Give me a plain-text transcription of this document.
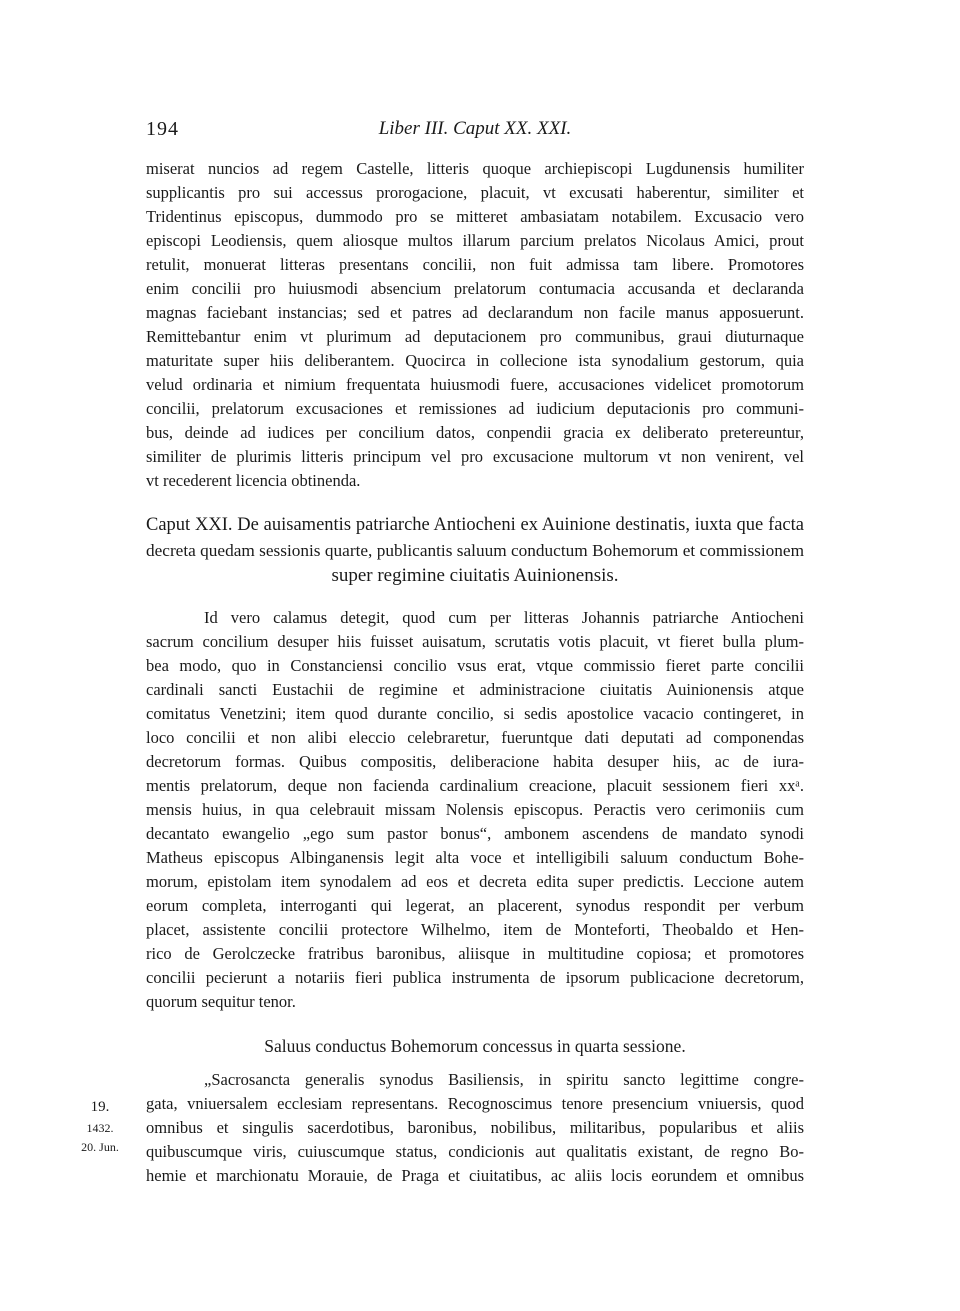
194	Liber III. Caput XX. XXI.
miserat nuncios ad regem Castelle, litteris quoque archiepiscopi Lugdunensis humiliter
supplicantis pro sui accessus prorogacione, placuit, vt excusati haberentur, similiter et
Tridentinus episcopus, dummodo pro se mitteret ambasiatam notabilem. Excusacio vero
episcopi Leodiensis, quem aliosque multos illarum parcium prelatos Nicolaus Amici, prout
retulit, monuerat litteras presentans concilii, non fuit admissa tam libere. Promotores
enim concilii pro huiusmodi absencium prelatorum contumacia accusanda et declaranda
magnas faciebant instancias; sed et patres ad declarandum non facile manus apposuerunt.
Remittebantur enim vt plurimum ad deputacionem pro communibus, graui diuturnaque
maturitate super hiis deliberantem. Quocirca in collecione ista synodalium gestorum, quia
velud ordinaria et nimium frequentata huiusmodi fuere, accusaciones videlicet promotorum
concilii, prelatorum excusaciones et remissiones ad iudicium deputacionis pro communi-
bus, deinde ad iudices per concilium datos, conpendii gracia ex deliberato pretereuntur,
similiter de plurimis litteris principum vel pro excusacione multorum vt non venirent, vel
vt recederent licencia obtinenda.
Caput XXI. De auisamentis patriarche Antiocheni ex Auinione destinatis, iuxta que facta
decreta quedam sessionis quarte, publicantis saluum conductum Bohemorum et commissionem
super regimine ciuitatis Auinionensis.
Id vero calamus detegit, quod cum per litteras Johannis patriarche Antiocheni
sacrum concilium desuper hiis fuisset auisatum, scrutatis votis placuit, vt fieret bulla plum-
bea modo, quo in Constanciensi concilio vsus erat, vtque commissio fieret parte concilii
cardinali sancti Eustachii de regimine et administracione ciuitatis Auinionensis atque
comitatus Venetzini; item quod durante concilio, si sedis apostolice vacacio contingeret, in
loco concilii et non alibi eleccio celebraretur, fueruntque dati deputati ad componendas
decretorum formas. Quibus compositis, deliberacione habita desuper hiis, ac de iura-
mentis prelatorum, deque non facienda cardinalium creacione, placuit sessionem fieri xxᵃ.
mensis huius, in qua celebrauit missam Nolensis episcopus. Peractis vero cerimoniis cum
decantato ewangelio „ego sum pastor bonus“, ambonem ascendens de mandato synodi
Matheus episcopus Albinganensis legit alta voce et intelligibili saluum conductum Bohe-
morum, epistolam item synodalem ad eos et decreta edita super predictis. Leccione autem
eorum completa, interroganti qui legerat, an placerent, synodus respondit per verbum
placet, assistente concilii protectore Wilhelmo, item de Monteforti, Theobaldo et Hen-
rico de Gerolczecke fratribus baronibus, aliisque in multitudine copiosa; et promotores
concilii pecierunt a notariis fieri publica instrumenta de ipsorum publicacione decretorum,
quorum sequitur tenor.
Saluus conductus Bohemorum concessus in quarta sessione.
„Sacrosancta generalis synodus Basiliensis, in spiritu sancto legittime congre-
gata, vniuersalem ecclesiam representans. Recognoscimus tenore presencium vniuersis, quod
omnibus et singulis sacerdotibus, baronibus, nobilibus, militaribus, popularibus et aliis
quibuscumque viris, cuiuscumque status, condicionis aut qualitatis existant, de regno Bo-
hemie et marchionatu Morauie, de Praga et ciuitatibus, ac aliis locis eorundem et omnibus
19.
1432.
20. Jun.
